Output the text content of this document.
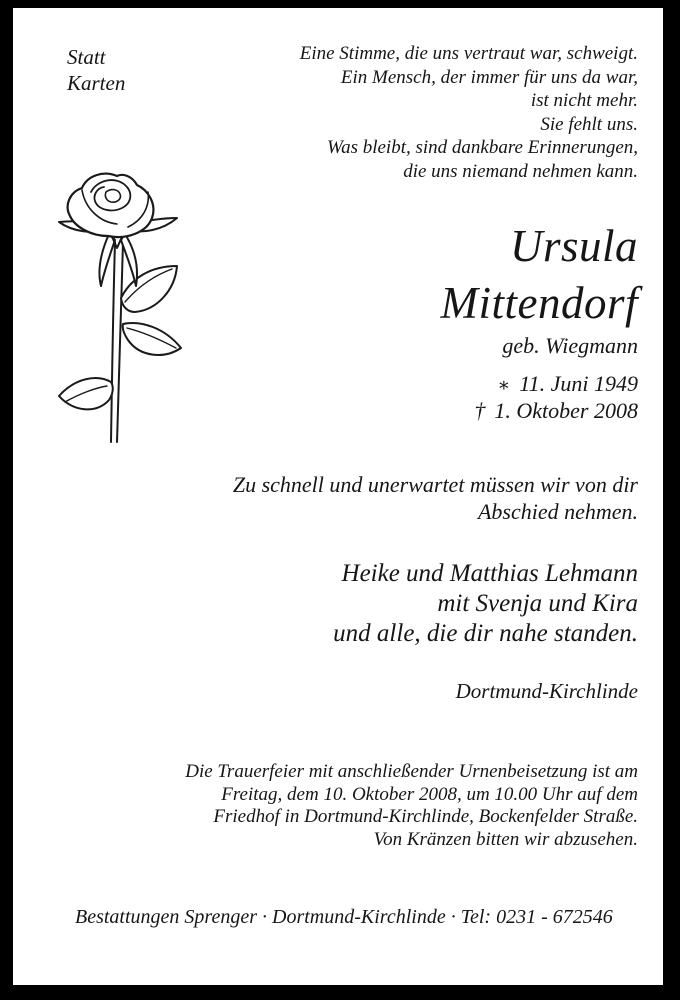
Statt
Karten
Eine Stimme, die uns vertraut war, schweigt.
Ein Mensch, der immer für uns da war,
ist nicht mehr.
Sie fehlt uns.
Was bleibt, sind dankbare Erinnerungen,
die uns niemand nehmen kann.
Ursula
Mittendorf
geb. Wiegmann
∗ 11. Juni 1949
† 1. Oktober 2008
Zu schnell und unerwartet müssen wir von dir
Abschied nehmen.
Heike und Matthias Lehmann
mit Svenja und Kira
und alle, die dir nahe standen.
Dortmund-Kirchlinde
Die Trauerfeier mit anschließender Urnenbeisetzung ist am
Freitag, dem 10. Oktober 2008, um 10.00 Uhr auf dem
Friedhof in Dortmund-Kirchlinde, Bockenfelder Straße.
Von Kränzen bitten wir abzusehen.
Bestattungen Sprenger · Dortmund-Kirchlinde · Tel: 0231 - 672546
